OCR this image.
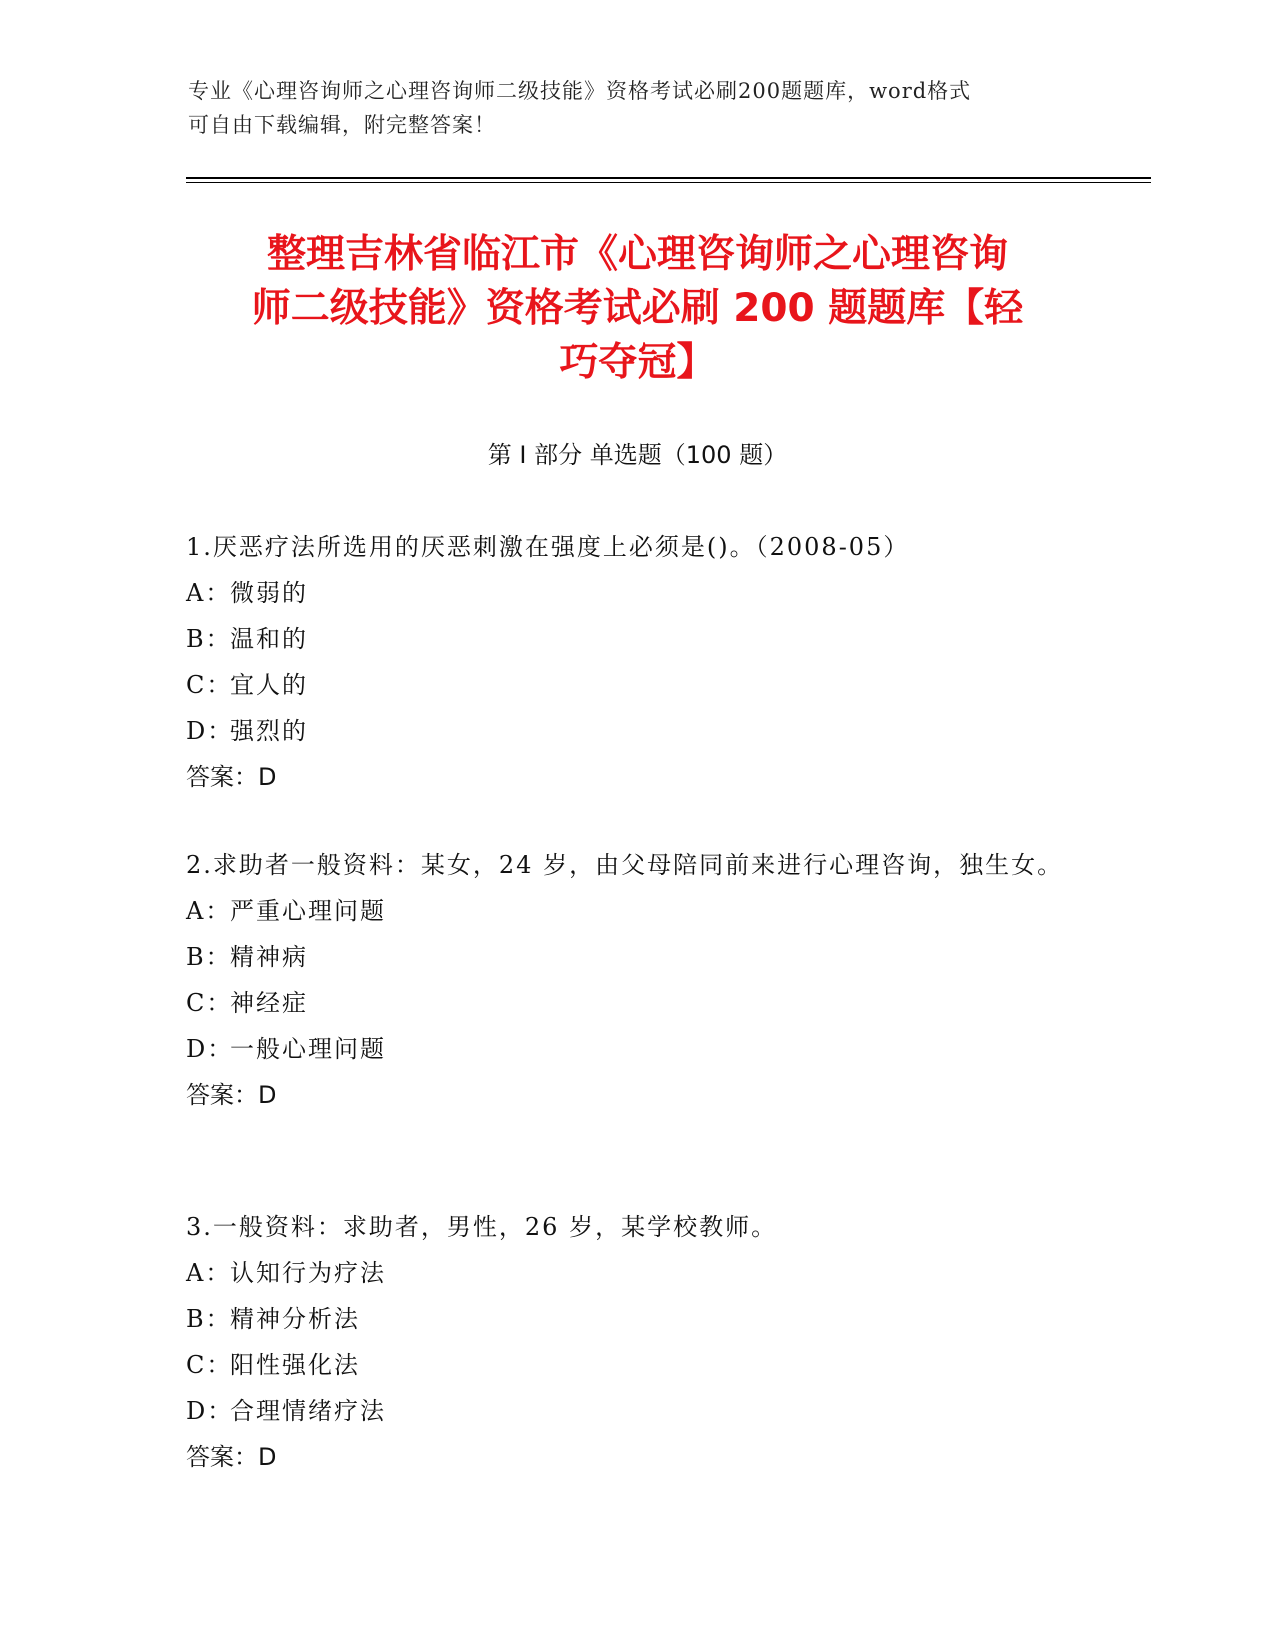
专业《心理咨询师之心理咨询师二级技能》资格考试必刷200题题库，word格式
可自由下载编辑，附完整答案！
整理吉林省临江市《心理咨询师之心理咨询
师二级技能》资格考试必刷 200 题题库【轻
巧夺冠】
第 I 部分 单选题（100 题）

1.厌恶疗法所选用的厌恶刺激在强度上必须是()。（2008-05）

A：微弱的

B：温和的

C：宜人的

D：强烈的

答案：D

2.求助者一般资料：某女，24 岁，由父母陪同前来进行心理咨询，独生女。

A：严重心理问题

B：精神病

C：神经症

D：一般心理问题

答案：D

3.一般资料：求助者，男性，26 岁，某学校教师。

A：认知行为疗法

B：精神分析法

C：阳性强化法

D：合理情绪疗法

答案：D
